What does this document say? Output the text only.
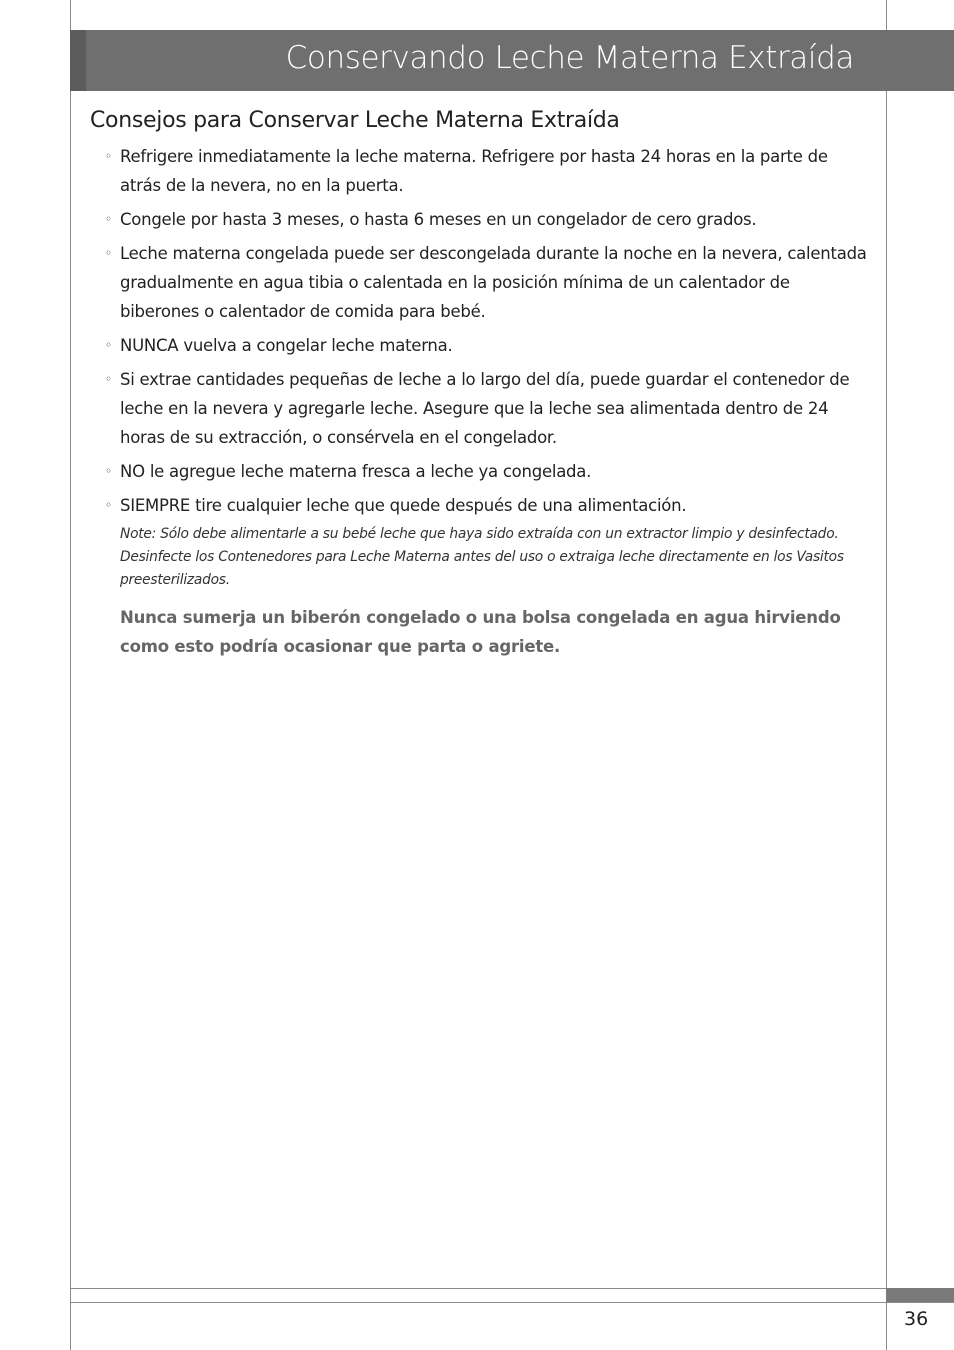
Conservando Leche Materna Extraída
Consejos para Conservar Leche Materna Extraída
◦ Refrigere inmediatamente la leche materna. Refrigere por hasta 24 horas en la parte de atrás de la nevera, no en la puerta.
◦ Congele por hasta 3 meses, o hasta 6 meses en un congelador de cero grados.
◦ Leche materna congelada puede ser descongelada durante la noche en la nevera, calentada gradualmente en agua tibia o calentada en la posición mínima de un calentador de biberones o calentador de comida para bebé.
◦ NUNCA vuelva a congelar leche materna.
◦ Si extrae cantidades pequeñas de leche a lo largo del día, puede guardar el contenedor de leche en la nevera y agregarle leche. Asegure que la leche sea alimentada dentro de 24 horas de su extracción, o consérvela en el congelador.
◦ NO le agregue leche materna fresca a leche ya congelada.
◦ SIEMPRE tire cualquier leche que quede después de una alimentación.

Note: Sólo debe alimentarle a su bebé leche que haya sido extraída con un extractor limpio y desinfectado. Desinfecte los Contenedores para Leche Materna antes del uso o extraiga leche directamente en los Vasitos preesterilizados.

Nunca sumerja un biberón congelado o una bolsa congelada en agua hirviendo como esto podría ocasionar que parta o agriete.

36
